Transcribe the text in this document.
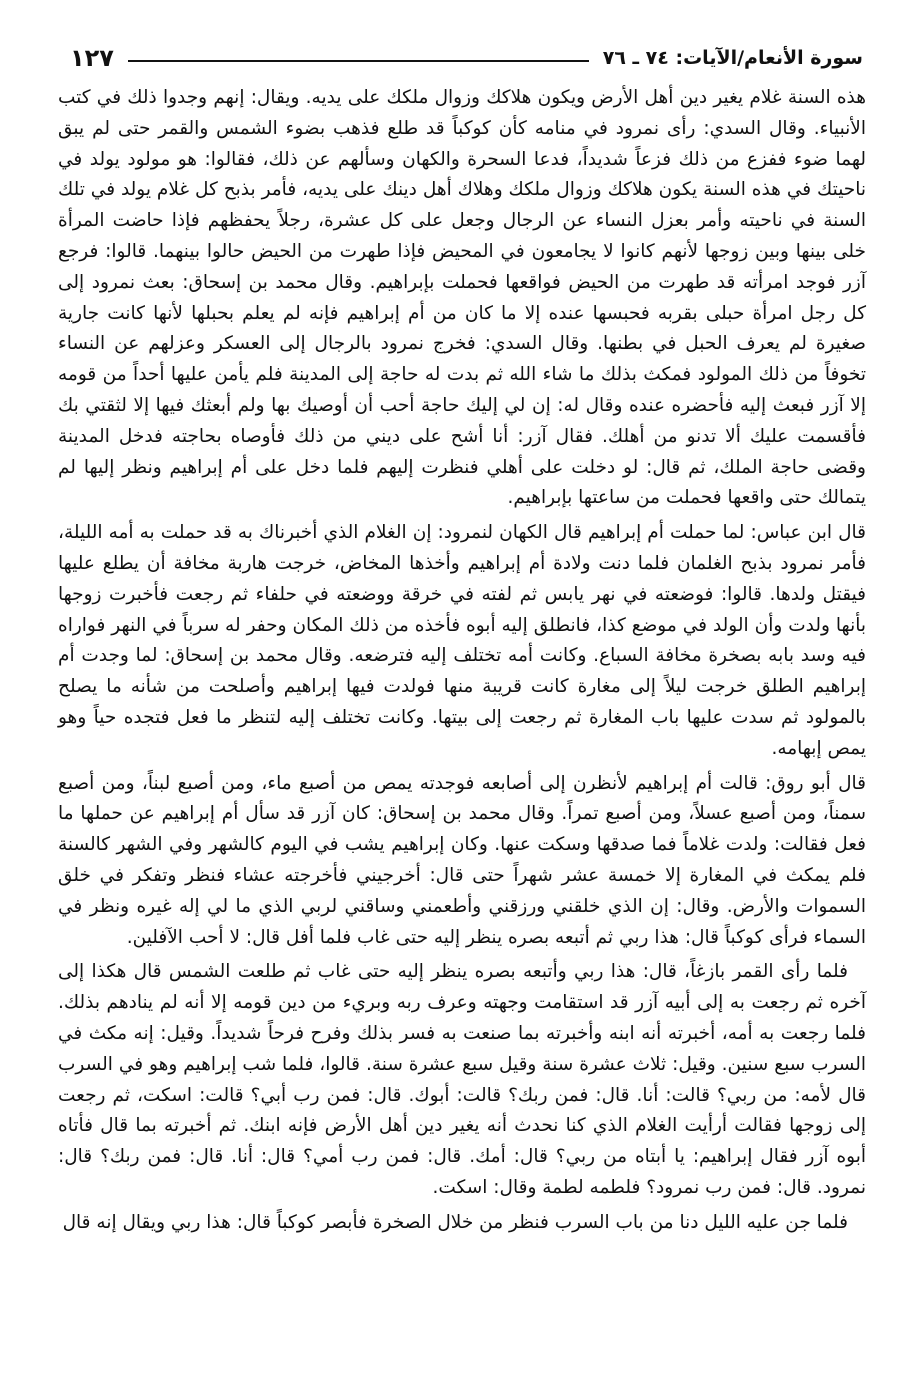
سورة الأنعام/الآيات: ٧٤ ـ ٧٦
١٢٧

هذه السنة غلام يغير دين أهل الأرض ويكون هلاكك وزوال ملكك على يديه. ويقال: إنهم وجدوا ذلك في كتب الأنبياء. وقال السدي: رأى نمرود في منامه كأن كوكباً قد طلع فذهب بضوء الشمس والقمر حتى لم يبق لهما ضوء ففزع من ذلك فزعاً شديداً، فدعا السحرة والكهان وسألهم عن ذلك، فقالوا: هو مولود يولد في ناحيتك في هذه السنة يكون هلاكك وزوال ملكك وهلاك أهل دينك على يديه، فأمر بذبح كل غلام يولد في تلك السنة في ناحيته وأمر بعزل النساء عن الرجال وجعل على كل عشرة، رجلاً يحفظهم فإذا حاضت المرأة خلى بينها وبين زوجها لأنهم كانوا لا يجامعون في المحيض فإذا طهرت من الحيض حالوا بينهما. قالوا: فرجع آزر فوجد امرأته قد طهرت من الحيض فواقعها فحملت بإبراهيم. وقال محمد بن إسحاق: بعث نمرود إلى كل رجل امرأة حبلى بقربه فحبسها عنده إلا ما كان من أم إبراهيم فإنه لم يعلم بحبلها لأنها كانت جارية صغيرة لم يعرف الحبل في بطنها. وقال السدي: فخرج نمرود بالرجال إلى العسكر وعزلهم عن النساء تخوفاً من ذلك المولود فمكث بذلك ما شاء الله ثم بدت له حاجة إلى المدينة فلم يأمن عليها أحداً من قومه إلا آزر فبعث إليه فأحضره عنده وقال له: إن لي إليك حاجة أحب أن أوصيك بها ولم أبعثك فيها إلا لثقتي بك فأقسمت عليك ألا تدنو من أهلك. فقال آزر: أنا أشح على ديني من ذلك فأوصاه بحاجته فدخل المدينة وقضى حاجة الملك، ثم قال: لو دخلت على أهلي فنظرت إليهم فلما دخل على أم إبراهيم ونظر إليها لم يتمالك حتى واقعها فحملت من ساعتها بإبراهيم.

قال ابن عباس: لما حملت أم إبراهيم قال الكهان لنمرود: إن الغلام الذي أخبرناك به قد حملت به أمه الليلة، فأمر نمرود بذبح الغلمان فلما دنت ولادة أم إبراهيم وأخذها المخاض، خرجت هاربة مخافة أن يطلع عليها فيقتل ولدها. قالوا: فوضعته في نهر يابس ثم لفته في خرقة ووضعته في حلفاء ثم رجعت فأخبرت زوجها بأنها ولدت وأن الولد في موضع كذا، فانطلق إليه أبوه فأخذه من ذلك المكان وحفر له سرباً في النهر فواراه فيه وسد بابه بصخرة مخافة السباع. وكانت أمه تختلف إليه فترضعه. وقال محمد بن إسحاق: لما وجدت أم إبراهيم الطلق خرجت ليلاً إلى مغارة كانت قريبة منها فولدت فيها إبراهيم وأصلحت من شأنه ما يصلح بالمولود ثم سدت عليها باب المغارة ثم رجعت إلى بيتها. وكانت تختلف إليه لتنظر ما فعل فتجده حياً وهو يمص إبهامه.

قال أبو روق: قالت أم إبراهيم لأنظرن إلى أصابعه فوجدته يمص من أصبع ماء، ومن أصبع لبناً، ومن أصبع سمناً، ومن أصبع عسلاً، ومن أصبع تمراً. وقال محمد بن إسحاق: كان آزر قد سأل أم إبراهيم عن حملها ما فعل فقالت: ولدت غلاماً فما صدقها وسكت عنها. وكان إبراهيم يشب في اليوم كالشهر وفي الشهر كالسنة فلم يمكث في المغارة إلا خمسة عشر شهراً حتى قال: أخرجيني فأخرجته عشاء فنظر وتفكر في خلق السموات والأرض. وقال: إن الذي خلقني ورزقني وأطعمني وساقني لربي الذي ما لي إله غيره ونظر في السماء فرأى كوكباً قال: هذا ربي ثم أتبعه بصره ينظر إليه حتى غاب فلما أفل قال: لا أحب الآفلين.

فلما رأى القمر بازغاً، قال: هذا ربي وأتبعه بصره ينظر إليه حتى غاب ثم طلعت الشمس قال هكذا إلى آخره ثم رجعت به إلى أبيه آزر قد استقامت وجهته وعرف ربه وبريء من دين قومه إلا أنه لم ينادهم بذلك. فلما رجعت به أمه، أخبرته أنه ابنه وأخبرته بما صنعت به فسر بذلك وفرح فرحاً شديداً. وقيل: إنه مكث في السرب سبع سنين. وقيل: ثلاث عشرة سنة وقيل سبع عشرة سنة. قالوا، فلما شب إبراهيم وهو في السرب قال لأمه: من ربي؟ قالت: أنا. قال: فمن ربك؟ قالت: أبوك. قال: فمن رب أبي؟ قالت: اسكت، ثم رجعت إلى زوجها فقالت أرأيت الغلام الذي كنا نحدث أنه يغير دين أهل الأرض فإنه ابنك. ثم أخبرته بما قال فأتاه أبوه آزر فقال إبراهيم: يا أبتاه من ربي؟ قال: أمك. قال: فمن رب أمي؟ قال: أنا. قال: فمن ربك؟ قال: نمرود. قال: فمن رب نمرود؟ فلطمه لطمة وقال: اسكت.

فلما جن عليه الليل دنا من باب السرب فنظر من خلال الصخرة فأبصر كوكباً قال: هذا ربي ويقال إنه قال
